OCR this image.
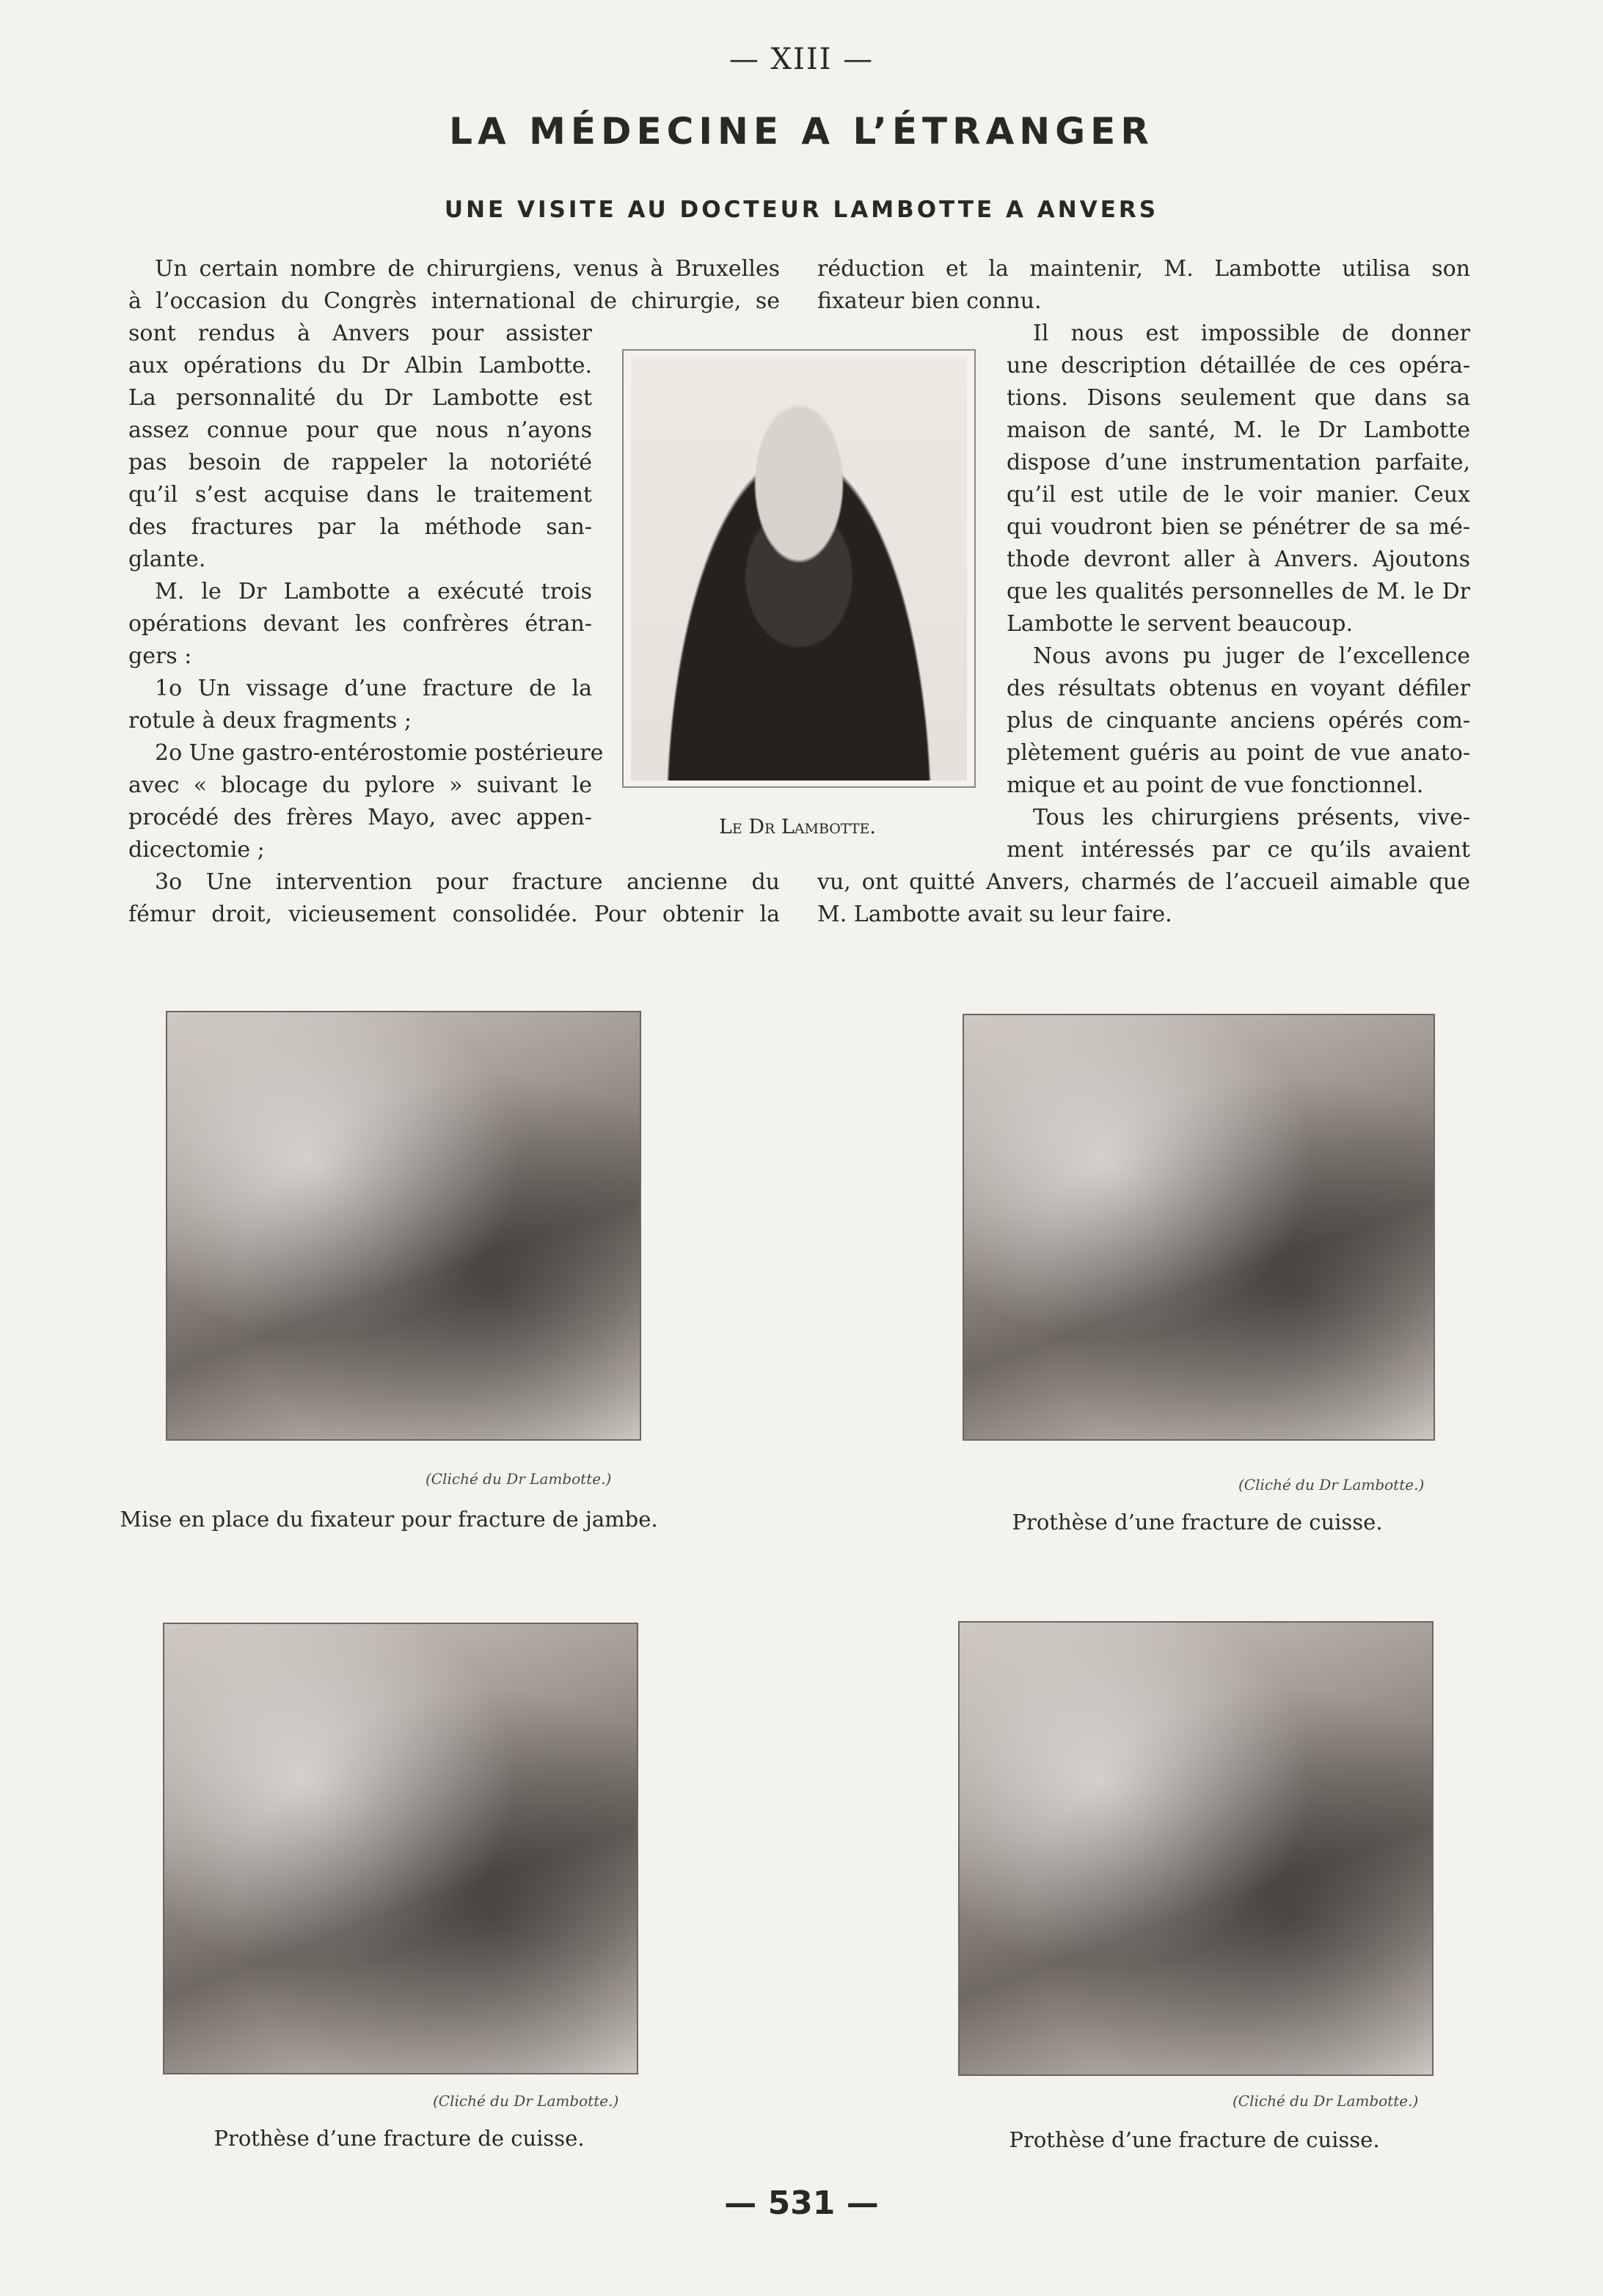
— XIII —
LA MÉDECINE A L’ÉTRANGER
UNE VISITE AU DOCTEUR LAMBOTTE A ANVERS
Un certain nombre de chirurgiens, venus à Bruxelles
à l’occasion du Congrès international de chirurgie, se
sont rendus à Anvers pour assister
aux opérations du Dr Albin Lambotte.
La personnalité du Dr Lambotte est
assez connue pour que nous n’ayons
pas besoin de rappeler la notoriété
qu’il s’est acquise dans le traitement
des fractures par la méthode san-
glante.
M. le Dr Lambotte a exécuté trois
opérations devant les confrères étran-
gers :
1o Un vissage d’une fracture de la
rotule à deux fragments ;
2o Une gastro-entérostomie postérieure
avec « blocage du pylore » suivant le
procédé des frères Mayo, avec appen-
dicectomie ;
3o Une intervention pour fracture ancienne du
fémur droit, vicieusement consolidée. Pour obtenir la
Le Dr Lambotte.
réduction et la maintenir, M. Lambotte utilisa son
fixateur bien connu.
Il nous est impossible de donner
une description détaillée de ces opéra-
tions. Disons seulement que dans sa
maison de santé, M. le Dr Lambotte
dispose d’une instrumentation parfaite,
qu’il est utile de le voir manier. Ceux
qui voudront bien se pénétrer de sa mé-
thode devront aller à Anvers. Ajoutons
que les qualités personnelles de M. le Dr
Lambotte le servent beaucoup.
Nous avons pu juger de l’excellence
des résultats obtenus en voyant défiler
plus de cinquante anciens opérés com-
plètement guéris au point de vue anato-
mique et au point de vue fonctionnel.
Tous les chirurgiens présents, vive-
ment intéressés par ce qu’ils avaient
vu, ont quitté Anvers, charmés de l’accueil aimable que
M. Lambotte avait su leur faire.
(Cliché du Dr Lambotte.)
Mise en place du fixateur pour fracture de jambe.
(Cliché du Dr Lambotte.)
Prothèse d’une fracture de cuisse.
(Cliché du Dr Lambotte.)
Prothèse d’une fracture de cuisse.
(Cliché du Dr Lambotte.)
Prothèse d’une fracture de cuisse.
— 531 —
